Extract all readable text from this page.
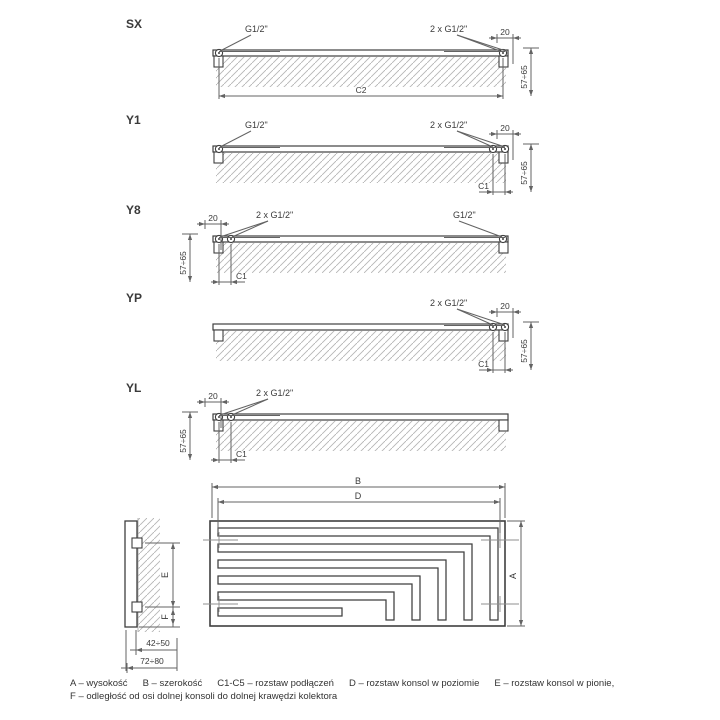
SX	G1/2"	2 x G1/2"	20
C2
57÷65
Y1	G1/2"	2 x G1/2"	20
C1
57÷65
Y8	2 x G1/2"	G1/2"
20
C1
57÷65
YP	2 x G1/2"	20
C1
57÷65
YL	2 x G1/2"
20
C1
57÷65
E
F
42÷50
72÷80
B
D
A
A – wysokość B – szerokość C1-C5 – rozstaw podłączeń D – rozstaw konsol w poziomie E – rozstaw konsol w pionie,
F – odległość od osi dolnej konsoli do dolnej krawędzi kolektora
